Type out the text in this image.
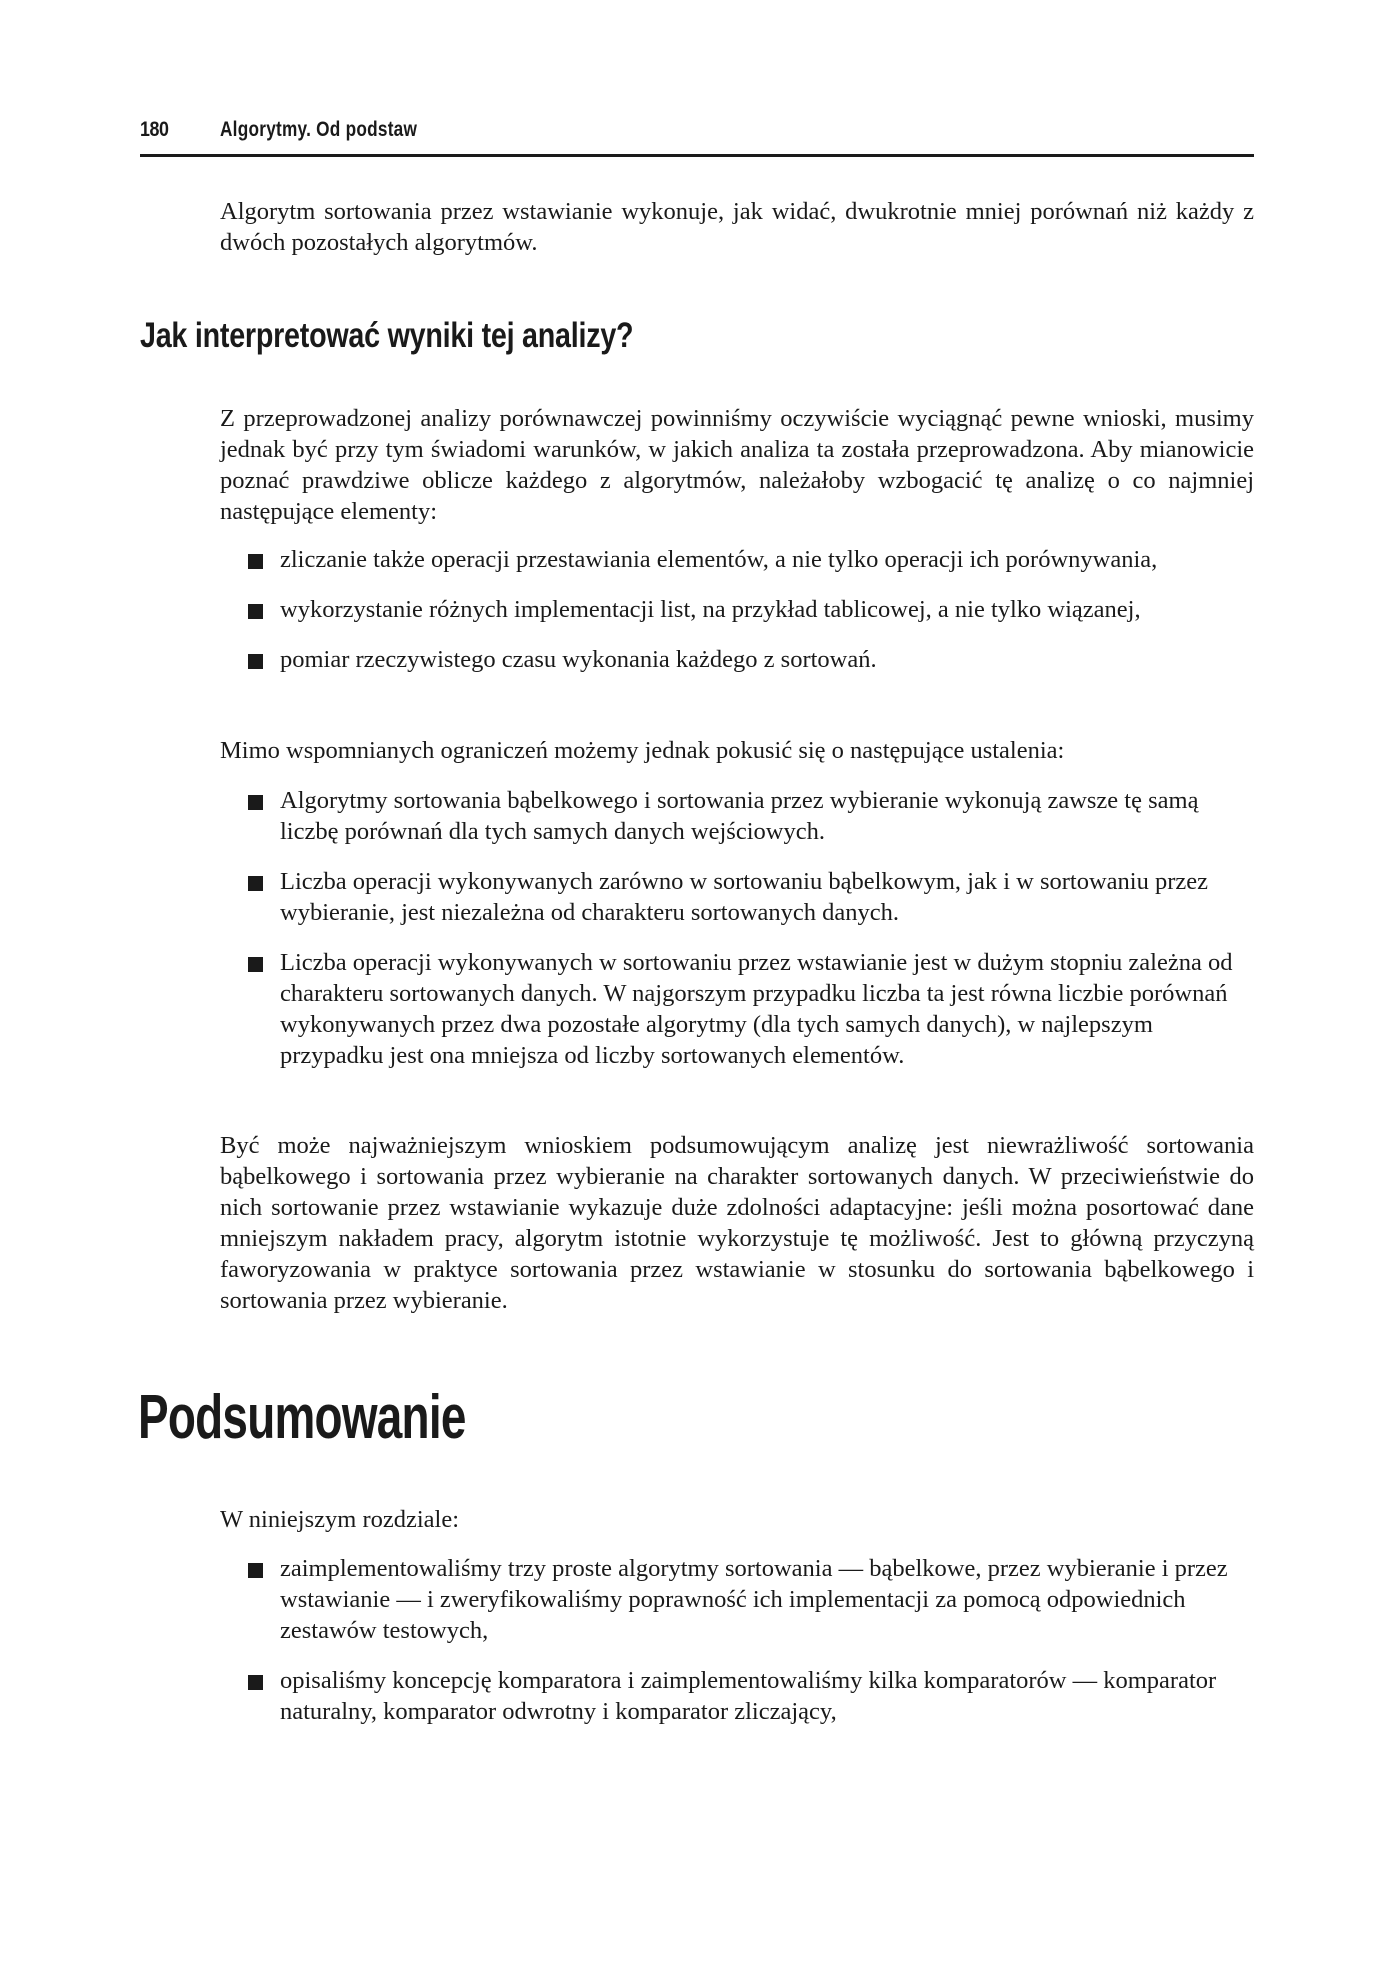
180 Algorytmy. Od podstaw

Algorytm sortowania przez wstawianie wykonuje, jak widać, dwukrotnie mniej porównań niż każdy z dwóch pozostałych algorytmów.

Jak interpretować wyniki tej analizy?

Z przeprowadzonej analizy porównawczej powinniśmy oczywiście wyciągnąć pewne wnioski, musimy jednak być przy tym świadomi warunków, w jakich analiza ta została przeprowadzona. Aby mianowicie poznać prawdziwe oblicze każdego z algorytmów, należałoby wzbogacić tę analizę o co najmniej następujące elementy:

zliczanie także operacji przestawiania elementów, a nie tylko operacji ich porównywania,
wykorzystanie różnych implementacji list, na przykład tablicowej, a nie tylko wiązanej,
pomiar rzeczywistego czasu wykonania każdego z sortowań.

Mimo wspomnianych ograniczeń możemy jednak pokusić się o następujące ustalenia:

Algorytmy sortowania bąbelkowego i sortowania przez wybieranie wykonują zawsze tę samą liczbę porównań dla tych samych danych wejściowych.
Liczba operacji wykonywanych zarówno w sortowaniu bąbelkowym, jak i w sortowaniu przez wybieranie, jest niezależna od charakteru sortowanych danych.
Liczba operacji wykonywanych w sortowaniu przez wstawianie jest w dużym stopniu zależna od charakteru sortowanych danych. W najgorszym przypadku liczba ta jest równa liczbie porównań wykonywanych przez dwa pozostałe algorytmy (dla tych samych danych), w najlepszym przypadku jest ona mniejsza od liczby sortowanych elementów.

Być może najważniejszym wnioskiem podsumowującym analizę jest niewrażliwość sortowania bąbelkowego i sortowania przez wybieranie na charakter sortowanych danych. W przeciwieństwie do nich sortowanie przez wstawianie wykazuje duże zdolności adaptacyjne: jeśli można posortować dane mniejszym nakładem pracy, algorytm istotnie wykorzystuje tę możliwość. Jest to główną przyczyną faworyzowania w praktyce sortowania przez wstawianie w stosunku do sortowania bąbelkowego i sortowania przez wybieranie.

Podsumowanie

W niniejszym rozdziale:

zaimplementowaliśmy trzy proste algorytmy sortowania — bąbelkowe, przez wybieranie i przez wstawianie — i zweryfikowaliśmy poprawność ich implementacji za pomocą odpowiednich zestawów testowych,
opisaliśmy koncepcję komparatora i zaimplementowaliśmy kilka komparatorów — komparator naturalny, komparator odwrotny i komparator zliczający,
